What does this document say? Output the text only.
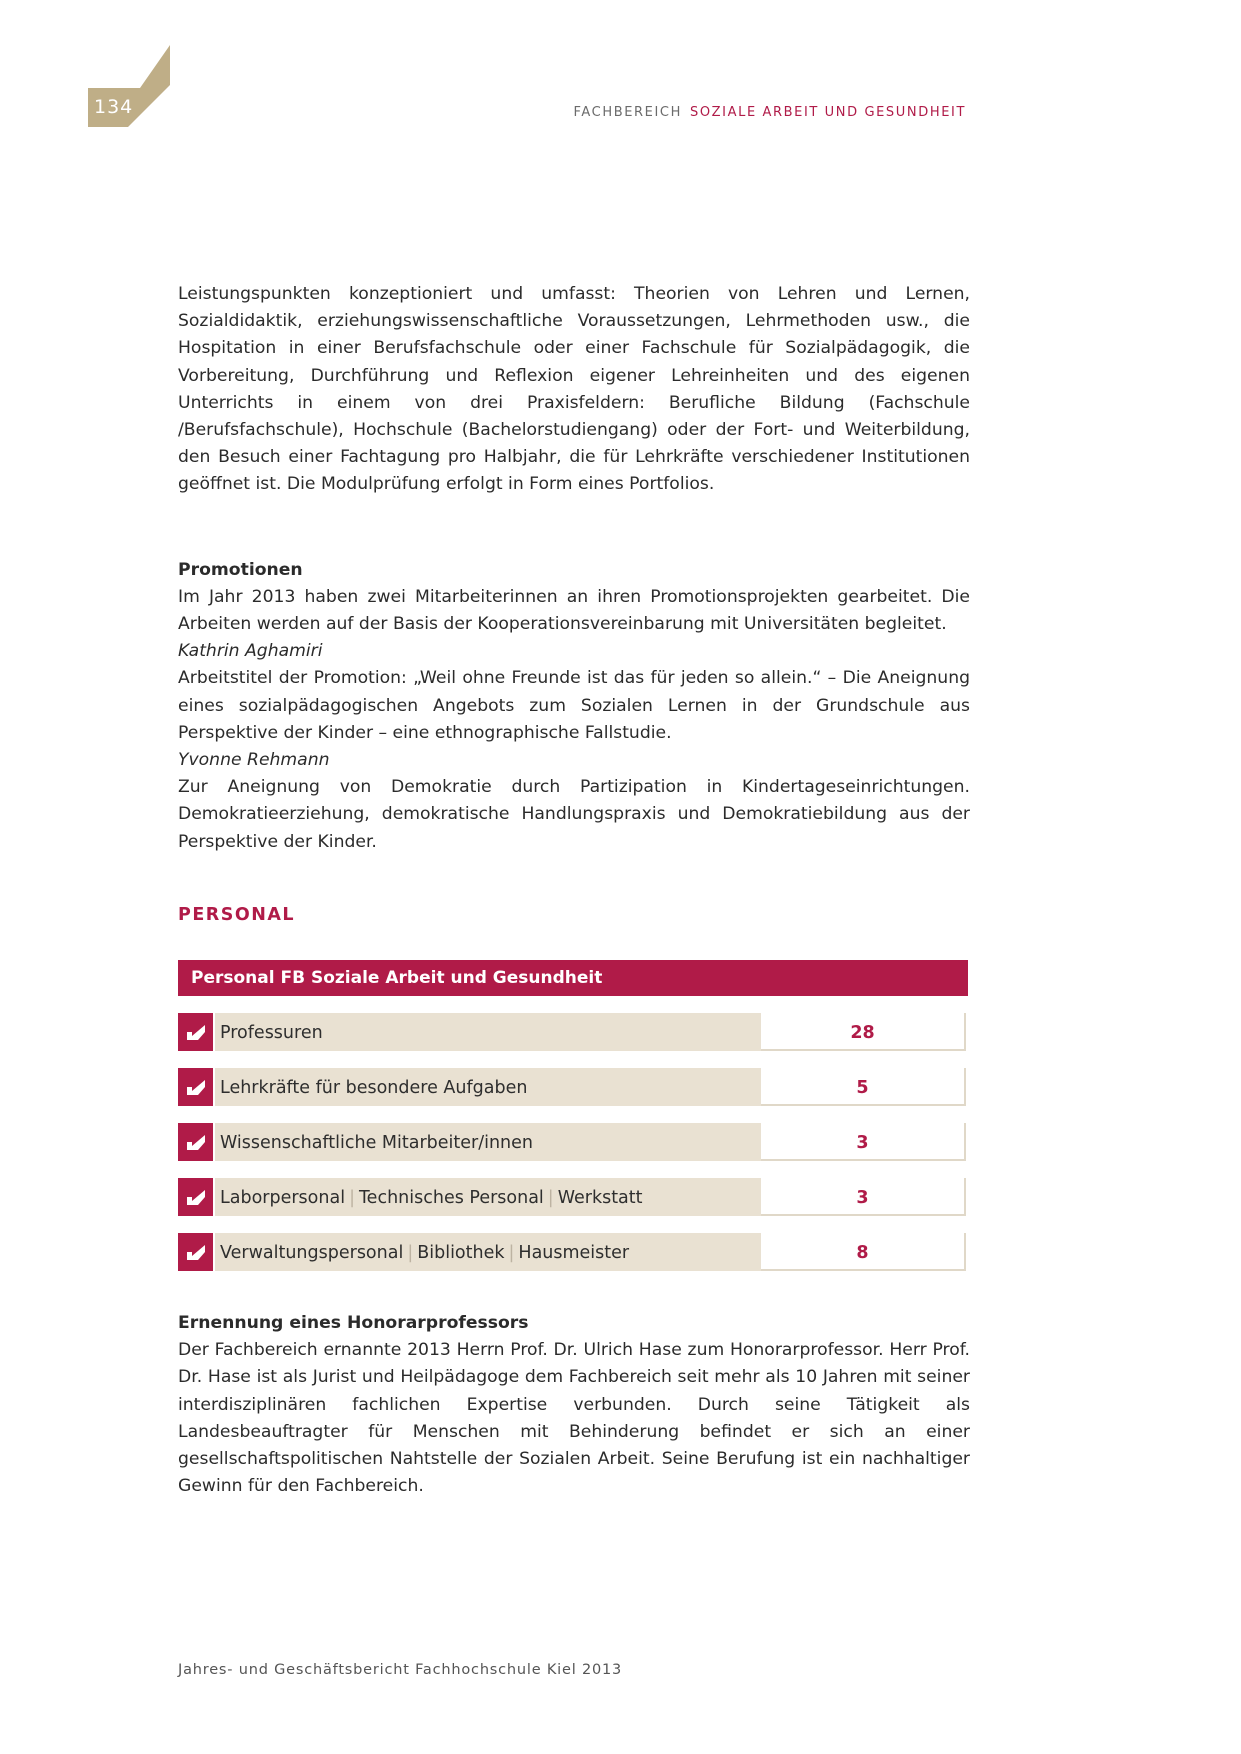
134	FACHBEREICH SOZIALE ARBEIT UND GESUNDHEIT

Leistungspunkten konzeptioniert und umfasst: Theorien von Lehren und Lernen, Sozialdidaktik, erziehungswissenschaftliche Voraussetzungen, Lehrmethoden usw., die Hospitation in einer Berufsfachschule oder einer Fachschule für Sozialpädagogik, die Vorbereitung, Durchführung und Reflexion eigener Lehreinheiten und des eigenen Unterrichts in einem von drei Praxisfeldern: Berufliche Bildung (Fachschule /Berufsfachschule), Hochschule (Bachelorstudiengang) oder der Fort- und Weiterbildung, den Besuch einer Fachtagung pro Halbjahr, die für Lehrkräfte verschiedener Institutionen geöffnet ist. Die Modulprüfung erfolgt in Form eines Portfolios.

Promotionen

Im Jahr 2013 haben zwei Mitarbeiterinnen an ihren Promotionsprojekten gearbeitet. Die Arbeiten werden auf der Basis der Kooperationsvereinbarung mit Universitäten begleitet.

Kathrin Aghamiri

Arbeitstitel der Promotion: „Weil ohne Freunde ist das für jeden so allein.“ – Die Aneignung eines sozialpädagogischen Angebots zum Sozialen Lernen in der Grundschule aus Perspektive der Kinder – eine ethnographische Fallstudie.

Yvonne Rehmann

Zur Aneignung von Demokratie durch Partizipation in Kindertageseinrichtungen. Demokratieerziehung, demokratische Handlungspraxis und Demokratiebildung aus der Perspektive der Kinder.

PERSONAL
Personal FB Soziale Arbeit und Gesundheit
Professuren	28
Lehrkräfte für besondere Aufgaben	5
Wissenschaftliche Mitarbeiter/innen	3
Laborpersonal | Technisches Personal | Werkstatt	3
Verwaltungspersonal | Bibliothek | Hausmeister	8
Ernennung eines Honorarprofessors

Der Fachbereich ernannte 2013 Herrn Prof. Dr. Ulrich Hase zum Honorarprofessor. Herr Prof. Dr. Hase ist als Jurist und Heilpädagoge dem Fachbereich seit mehr als 10 Jahren mit seiner interdisziplinären fachlichen Expertise verbunden. Durch seine Tätigkeit als Landesbeauftragter für Menschen mit Behinderung befindet er sich an einer gesellschaftspolitischen Nahtstelle der Sozialen Arbeit. Seine Berufung ist ein nachhaltiger Gewinn für den Fachbereich.

Jahres- und Geschäftsbericht Fachhochschule Kiel 2013
